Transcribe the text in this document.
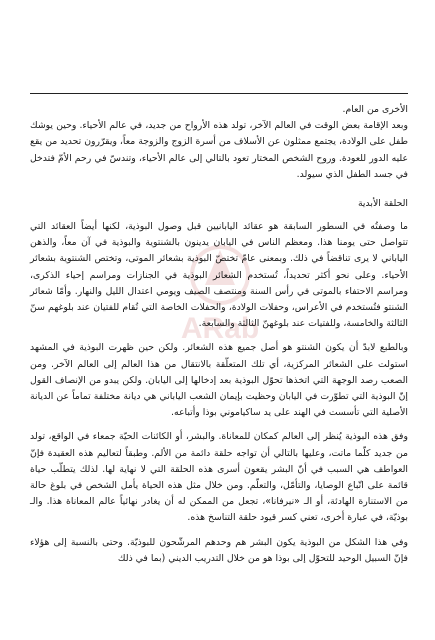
ARab

الأخرى من العام.

وبعد الإقامة بعض الوقت في العالم الآخر، تولد هذه الأرواح من جديد، في عالم الأحياء. وحين يوشك طفل على الولادة، يجتمع ممثلون عن الأسلاف من أسرة الزوج والزوجة معاً، ويقرّرون تحديد من يقع عليه الدور للعودة. وروح الشخص المختار تعود بالتالي إلى عالم الأحياء، وتندسّ في رحم الأمّ فتدخل في جسد الطفل الذي سيولد.

الحلقة الأبدية

ما وصفتُه في السطور السابقة هو عقائد اليابانيين قبل وصول البوذية، لكنها أيضاً العقائد التي تتواصل حتى يومنا هذا. ومعظم الناس في اليابان يدينون بالشنتوية والبوذية في آن معاً، والذهن الياباني لا يرى تناقضاً في ذلك. وبمعنى عامّ تختصّ البوذية بشعائر الموتى، وتختص الشنتوية بشعائر الأحياء. وعلى نحو أكثر تحديداً، تُستخدم الشعائر البوذية في الجنازات ومراسم إحياء الذكرى، ومراسم الاحتفاء بالموتى في رأس السنة ومنتصف الصيف ويومي اعتدال الليل والنهار. وأمّا شعائر الشنتو فتُستخدم في الأعراس، وحفلات الولادة، والحفلات الخاصة التي تُقام للفتيان عند بلوغهم سنّ الثالثة والخامسة، وللفتيات عند بلوغهنّ الثالثة والسابعة.

وبالطبع لابدّ أن يكون الشنتو هو أصل جميع هذه الشعائر. ولكن حين ظهرت البوذية في المشهد استولت على الشعائر المركزية، أي تلك المتعلّقة بالانتقال من هذا العالم إلى العالم الآخر. ومن الصعب رصد الوجهة التي اتخذها تحوّل البوذية بعد إدخالها إلى اليابان. ولكن يبدو من الإنصاف القول إنّ البوذية التي تطوّرت في اليابان وحظيت بإيمان الشعب الياباني هي ديانة مختلفة تماماً عن الديانة الأصلية التي تأسست في الهند على يد ساكياموني بوذا وأتباعه.

وفق هذه البوذية يُنظر إلى العالم كمكان للمعاناة. والبشر، أو الكائنات الحيّة جمعاء في الواقع، تولد من جديد كلّما ماتت، وعليها بالتالي أن تواجه حلقة دائمة من الألم. وطبقاً لتعاليم هذه العقيدة فإنّ العواطف هي السبب في أنّ البشر يقعون أسرى هذه الحلقة التي لا نهاية لها. لذلك يتطلّب حياة قائمة على اتّباع الوصايا، والتأمّل، والتعلّم. ومن خلال مثل هذه الحياة يأمل الشخص في بلوغ حالة من الاستنارة الهادئة، أو الـ «نيرفانا»، تجعل من الممكن له أن يغادر نهائياً عالم المعاناة هذا. والـ بوذيّة، في عبارة أخرى، تعني كسر قيود حلقة التناسخ هذه.

وفي هذا الشكل من البوذية يكون البشر هم وحدهم المرشّحون للبوذيّة. وحتى بالنسبة إلى هؤلاء فإنّ السبيل الوحيد للتحوّل إلى بوذا هو من خلال التدريب الديني (بما في ذلك
